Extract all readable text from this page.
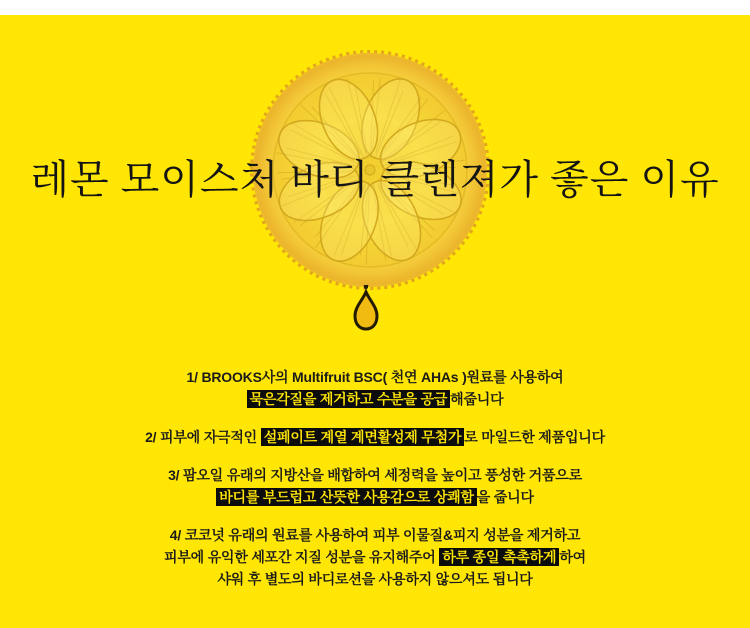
레몬 모이스처 바디 클렌져가 좋은 이유
1/ BROOKS사의 Multifruit BSC( 천연 AHAs )원료를 사용하여
묵은각질을 제거하고 수분을 공급 해줍니다
2/ 피부에 자극적인 설페이트 계열 계면활성제 무첨가 로 마일드한 제품입니다
3/ 팜오일 유래의 지방산을 배합하여 세정력을 높이고 풍성한 거품으로
바디를 부드럽고 산뜻한 사용감으로 상쾌함 을 줍니다
4/ 코코넛 유래의 원료를 사용하여 피부 이물질&피지 성분을 제거하고
피부에 유익한 세포간 지질 성분을 유지해주어 하루 종일 촉촉하게 하여
샤워 후 별도의 바디로션을 사용하지 않으셔도 됩니다
